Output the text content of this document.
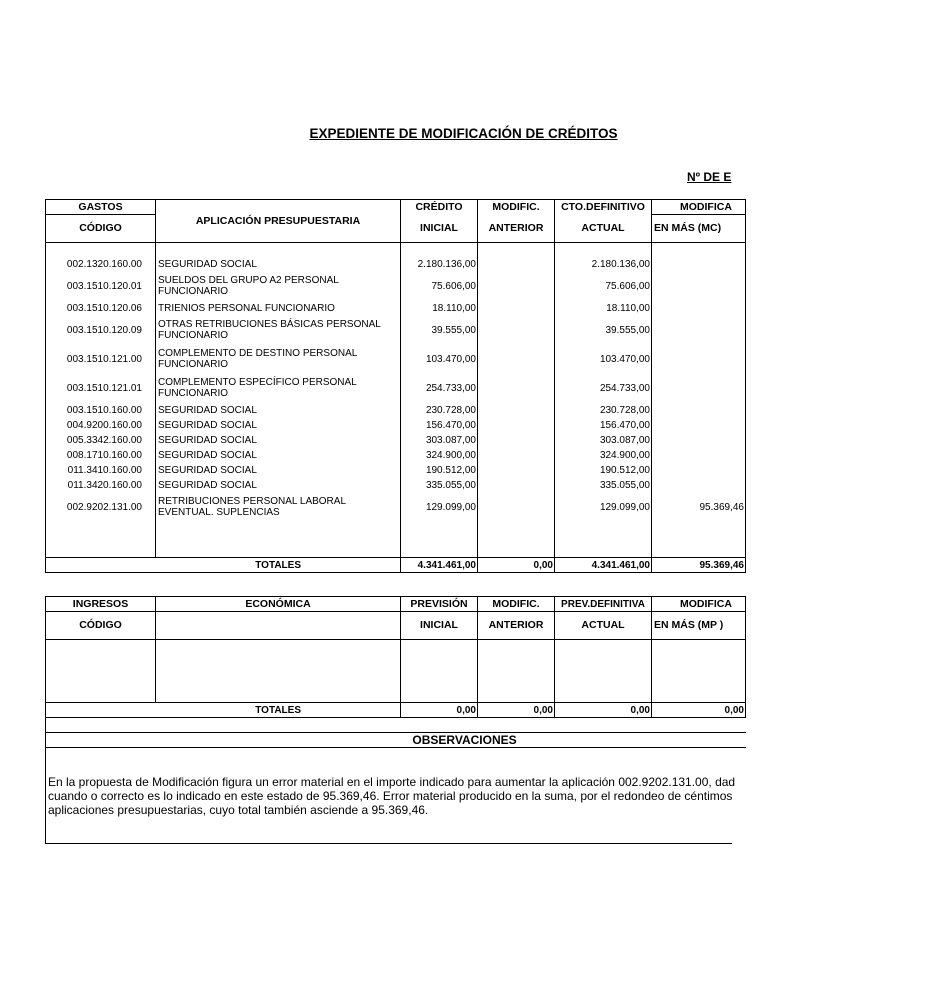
EXPEDIENTE DE MODIFICACIÓN DE CRÉDITOS
Nº DE E
GASTOS	APLICACIÓN PRESUPUESTARIA	CRÉDITO	MODIFIC.	CTO.DEFINITIVO	MODIFICA
CÓDIGO		INICIAL	ANTERIOR	ACTUAL	EN MÁS (MC)

002.1320.160.00	SEGURIDAD SOCIAL	2.180.136,00		2.180.136,00	
003.1510.120.01	SUELDOS DEL GRUPO A2 PERSONAL FUNCIONARIO	75.606,00		75.606,00	
003.1510.120.06	TRIENIOS PERSONAL FUNCIONARIO	18.110,00		18.110,00	
003.1510.120.09	OTRAS RETRIBUCIONES BÁSICAS PERSONAL FUNCIONARIO	39.555,00		39.555,00	
003.1510.121.00	COMPLEMENTO DE DESTINO PERSONAL FUNCIONARIO	103.470,00		103.470,00	
003.1510.121.01	COMPLEMENTO ESPECÍFICO PERSONAL FUNCIONARIO	254.733,00		254.733,00	
003.1510.160.00	SEGURIDAD SOCIAL	230.728,00		230.728,00	
004.9200.160.00	SEGURIDAD SOCIAL	156.470,00		156.470,00	
005.3342.160.00	SEGURIDAD SOCIAL	303.087,00		303.087,00	
008.1710.160.00	SEGURIDAD SOCIAL	324.900,00		324.900,00	
011.3410.160.00	SEGURIDAD SOCIAL	190.512,00		190.512,00	
011.3420.160.00	SEGURIDAD SOCIAL	335.055,00		335.055,00	
002.9202.131.00	RETRIBUCIONES PERSONAL LABORAL EVENTUAL. SUPLENCIAS	129.099,00		129.099,00	95.369,46

	TOTALES	4.341.461,00	0,00	4.341.461,00	95.369,46
INGRESOS	ECONÓMICA	PREVISIÓN	MODIFIC.	PREV.DEFINITIVA	MODIFICA
CÓDIGO		INICIAL	ANTERIOR	ACTUAL	EN MÁS (MP )

	TOTALES	0,00	0,00	0,00	0,00
OBSERVACIONES
En la propuesta de Modificación figura un error material en el importe indicado para aumentar la aplicación 002.9202.131.00, dad
cuando o correcto es lo indicado en este estado de 95.369,46. Error material producido en la suma, por el redondeo de céntimos
aplicaciones presupuestarias, cuyo total también asciende a 95.369,46.
